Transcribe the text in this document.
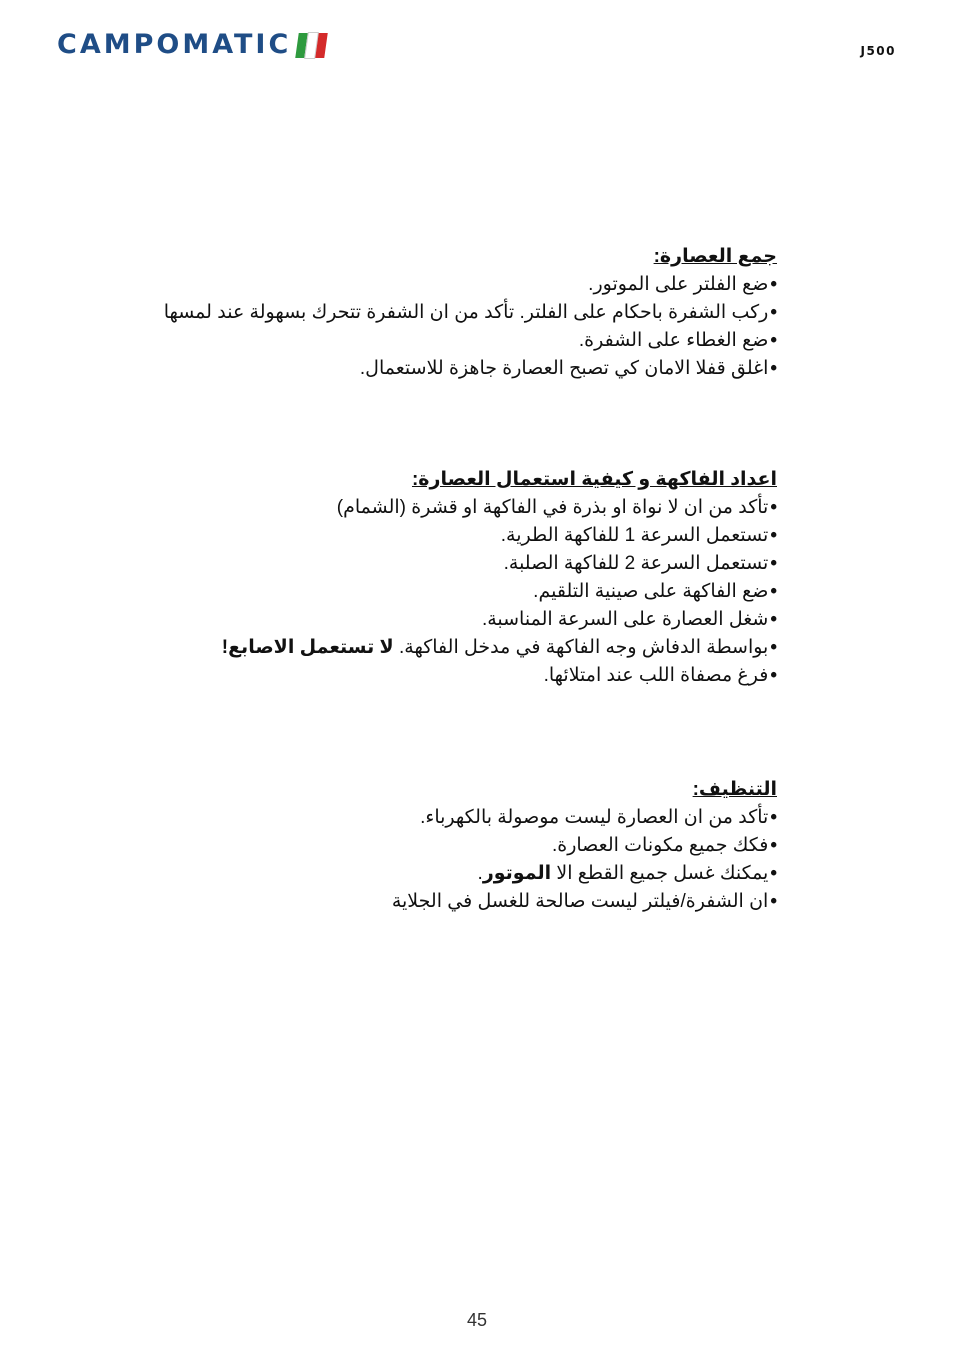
CAMPOMATIC	J500
جمع العصارة:
•ضع الفلتر على الموتور.
•ركب الشفرة باحكام على الفلتر. تأكد من ان الشفرة تتحرك بسهولة عند لمسها
•ضع الغطاء على الشفرة.
•اغلق قفلا الامان كي تصبح العصارة جاهزة للاستعمال.
اعداد الفاكهة و كيفية استعمال العصارة:
•تأكد من ان لا نواة او بذرة في الفاكهة او قشرة (الشمام)
•تستعمل السرعة 1 للفاكهة الطرية.
•تستعمل السرعة 2 للفاكهة الصلبة.
•ضع الفاكهة على صينية التلقيم.
•شغل العصارة على السرعة المناسبة.
•بواسطة الدفاش وجه الفاكهة في مدخل الفاكهة. لا تستعمل الاصابع!
•فرغ مصفاة اللب عند امتلائها.
التنظيف:
•تأكد من ان العصارة ليست موصولة بالكهرباء.
•فكك جميع مكونات العصارة.
•يمكنك غسل جميع القطع الا الموتور.
•ان الشفرة/فيلتر ليست صالحة للغسل في الجلاية
45
